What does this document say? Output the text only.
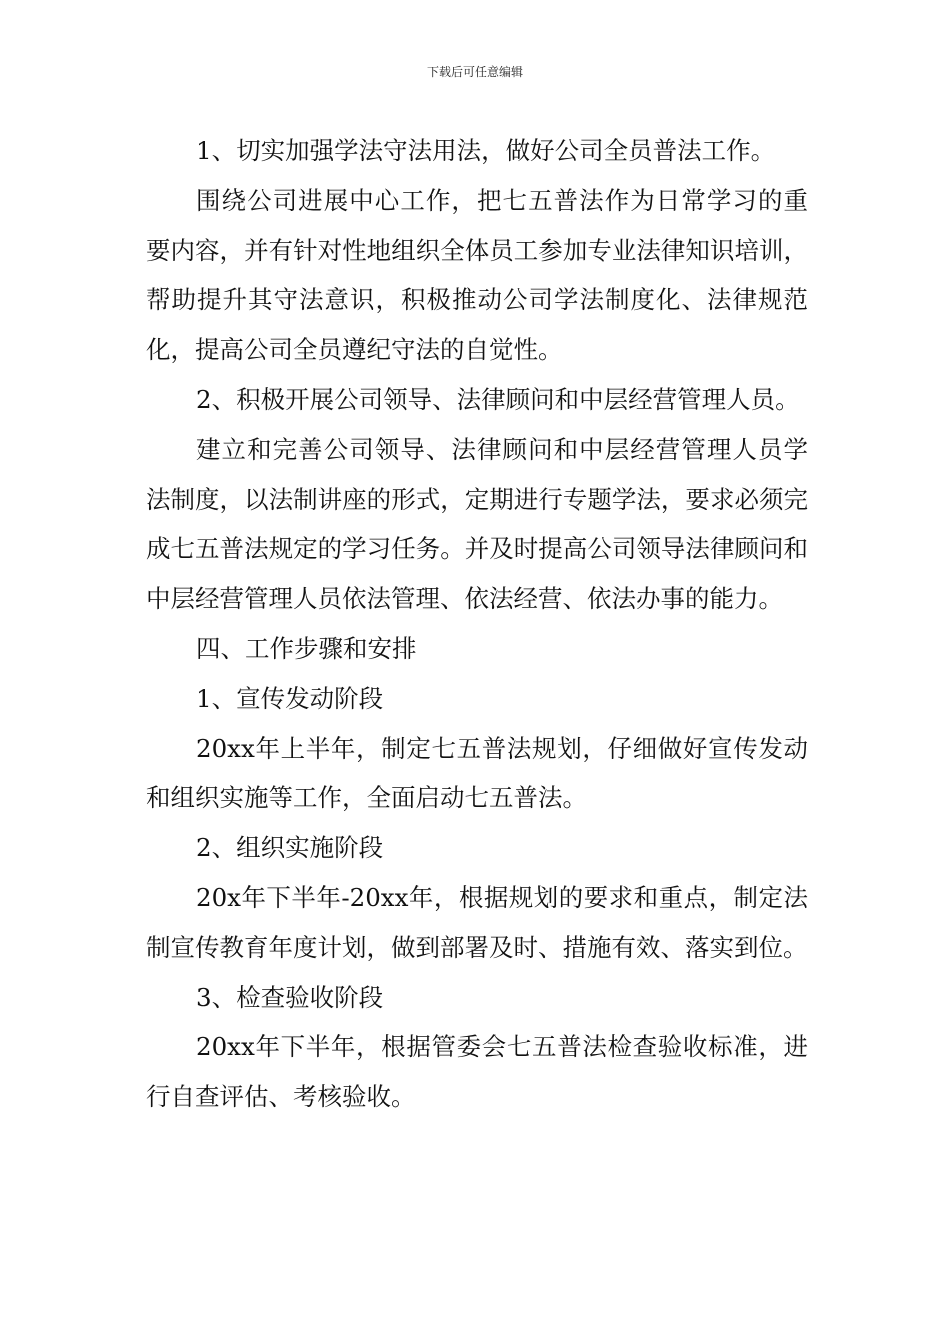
下载后可任意编辑

1、切实加强学法守法用法，做好公司全员普法工作。

围绕公司进展中心工作，把七五普法作为日常学习的重要内容，并有针对性地组织全体员工参加专业法律知识培训，帮助提升其守法意识，积极推动公司学法制度化、法律规范化，提高公司全员遵纪守法的自觉性。

2、积极开展公司领导、法律顾问和中层经营管理人员。

建立和完善公司领导、法律顾问和中层经营管理人员学法制度，以法制讲座的形式，定期进行专题学法，要求必须完成七五普法规定的学习任务。并及时提高公司领导法律顾问和中层经营管理人员依法管理、依法经营、依法办事的能力。

四、工作步骤和安排

1、宣传发动阶段

20xx年上半年，制定七五普法规划，仔细做好宣传发动和组织实施等工作，全面启动七五普法。

2、组织实施阶段

20x年下半年-20xx年，根据规划的要求和重点，制定法制宣传教育年度计划，做到部署及时、措施有效、落实到位。

3、检查验收阶段

20xx年下半年，根据管委会七五普法检查验收标准，进行自查评估、考核验收。
